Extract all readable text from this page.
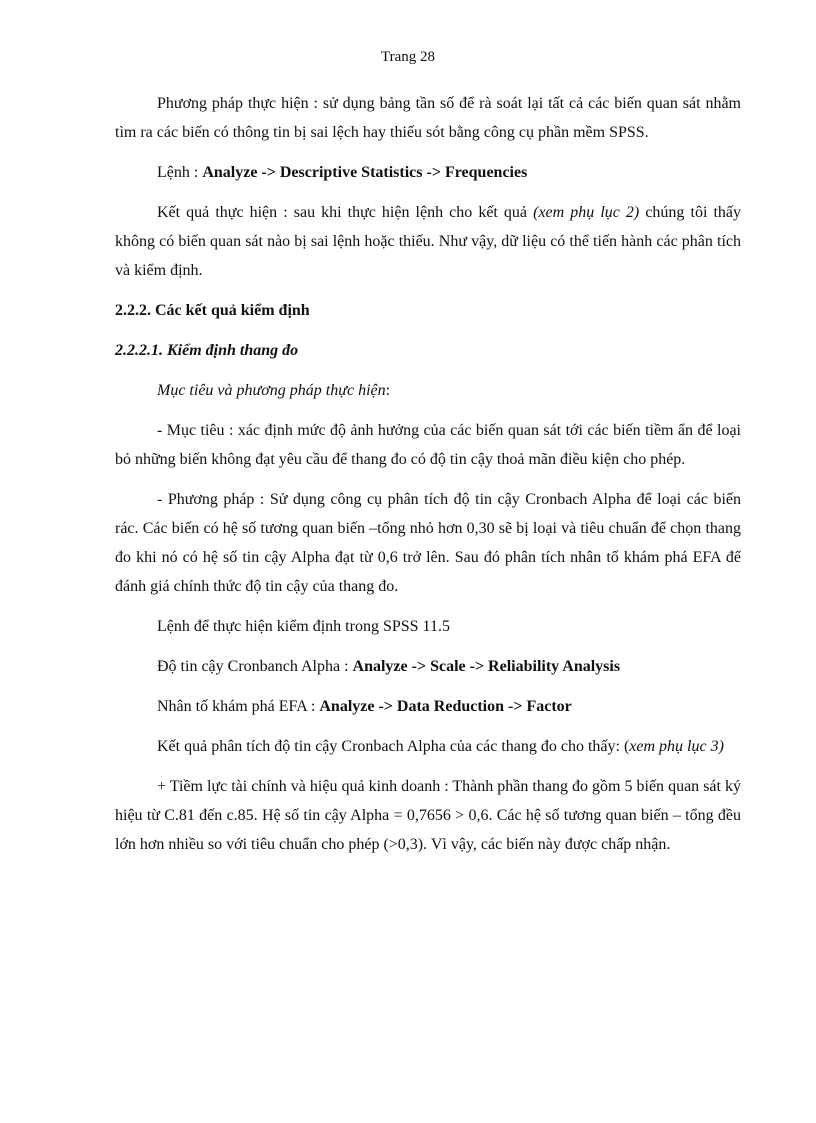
Trang 28

Phương pháp thực hiện : sử dụng bảng tần số để rà soát lại tất cả các biến quan sát nhằm tìm ra các biến có thông tin bị sai lệch hay thiếu sót bằng công cụ phần mềm SPSS.

Lệnh : Analyze -> Descriptive Statistics -> Frequencies

Kết quả thực hiện : sau khi thực hiện lệnh cho kết quả (xem phụ lục 2) chúng tôi thấy không có biến quan sát nào bị sai lệnh hoặc thiếu. Như vậy, dữ liệu có thể tiến hành các phân tích và kiểm định.

2.2.2. Các kết quả kiểm định
2.2.2.1. Kiểm định thang đo

Mục tiêu và phương pháp thực hiện:

- Mục tiêu : xác định mức độ ảnh hưởng của các biến quan sát tới các biến tiềm ẩn để loại bỏ những biến không đạt yêu cầu để thang đo có độ tin cậy thoả mãn điều kiện cho phép.

- Phương pháp : Sử dụng công cụ phân tích độ tin cậy Cronbach Alpha để loại các biến rác. Các biến có hệ số tương quan biến –tổng nhỏ hơn 0,30 sẽ bị loại và tiêu chuẩn để chọn thang đo khi nó có hệ số tin cậy Alpha đạt từ 0,6 trở lên. Sau đó phân tích nhân tố khám phá EFA để đánh giá chính thức độ tin cậy của thang đo.

Lệnh để thực hiện kiểm định trong SPSS 11.5

Độ tin cậy Cronbanch Alpha : Analyze -> Scale -> Reliability Analysis

Nhân tố khám phá EFA : Analyze -> Data Reduction -> Factor

Kết quả phân tích độ tin cậy Cronbach Alpha của các thang đo cho thấy: (xem phụ lục 3)

+ Tiềm lực tài chính và hiệu quả kinh doanh : Thành phần thang đo gồm 5 biến quan sát ký hiệu từ C.81 đến c.85. Hệ số tin cậy Alpha = 0,7656 > 0,6. Các hệ số tương quan biến – tổng đều lớn hơn nhiều so với tiêu chuẩn cho phép (>0,3). Vì vậy, các biến này được chấp nhận.
